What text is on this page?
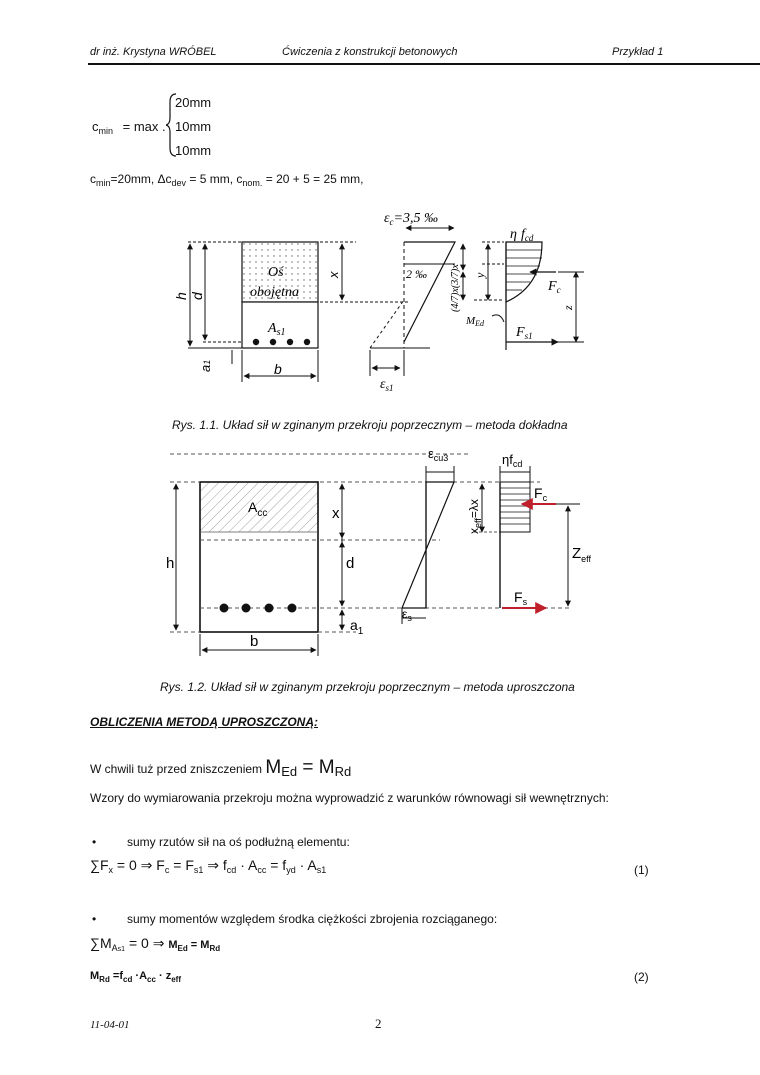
dr inż. Krystyna WRÓBEL	Ćwiczenia z konstrukcji betonowych	Przykład 1
$c_{min} = \max$ .
20mm
10mm
10mm
$c_{min}=20mm$, $\Delta c_{dev} = 5$ mm, $c_{nom.} = 20 + 5 = 25$ mm,
h d
a1
x
b
Oś
obojętna
$A_{s1}$
2 ‰
$\varepsilon_c=3,5$ ‰
$\varepsilon_{s1}$
(4/7)x(3/7)x
η $f_{cd}$
y
$F_c$
z
$F_{s1}$
MEd
Rys. 1.1. Układ sił w zginanym przekroju poprzecznym – metoda dokładna
$A_{cc}$
h
x
d
$a_1$
b
$\varepsilon_{cu3}$
$\varepsilon_s$
$x_{eff}=\lambda x$
$\eta f_{cd}$
$F_c$
$Z_{eff}$
$F_s$
Rys. 1.2. Układ sił w zginanym przekroju poprzecznym – metoda uproszczona
OBLICZENIA METODĄ UPROSZCZONĄ:
W chwili tuż przed zniszczeniem $M_{Ed} = M_{Rd}$
Wzory do wymiarowania przekroju można wyprowadzić z warunków równowagi sił wewnętrznych:
•	sumy rzutów sił na oś podłużną elementu:
$\sum F_x = 0$ ⇒ $F_c = F_{s1}$ ⇒ $f_{cd} \cdot A_{cc} = f_{yd} \cdot A_{s1}$	(1)
•	sumy momentów względem środka ciężkości zbrojenia rozciąganego:
$\sum M_{As1} = 0$ ⇒ $M_{Ed} = M_{Rd}$
$M_{Rd} =f_{cd} \cdot A_{cc} \cdot z_{eff}$	(2)
11-04-01	2
